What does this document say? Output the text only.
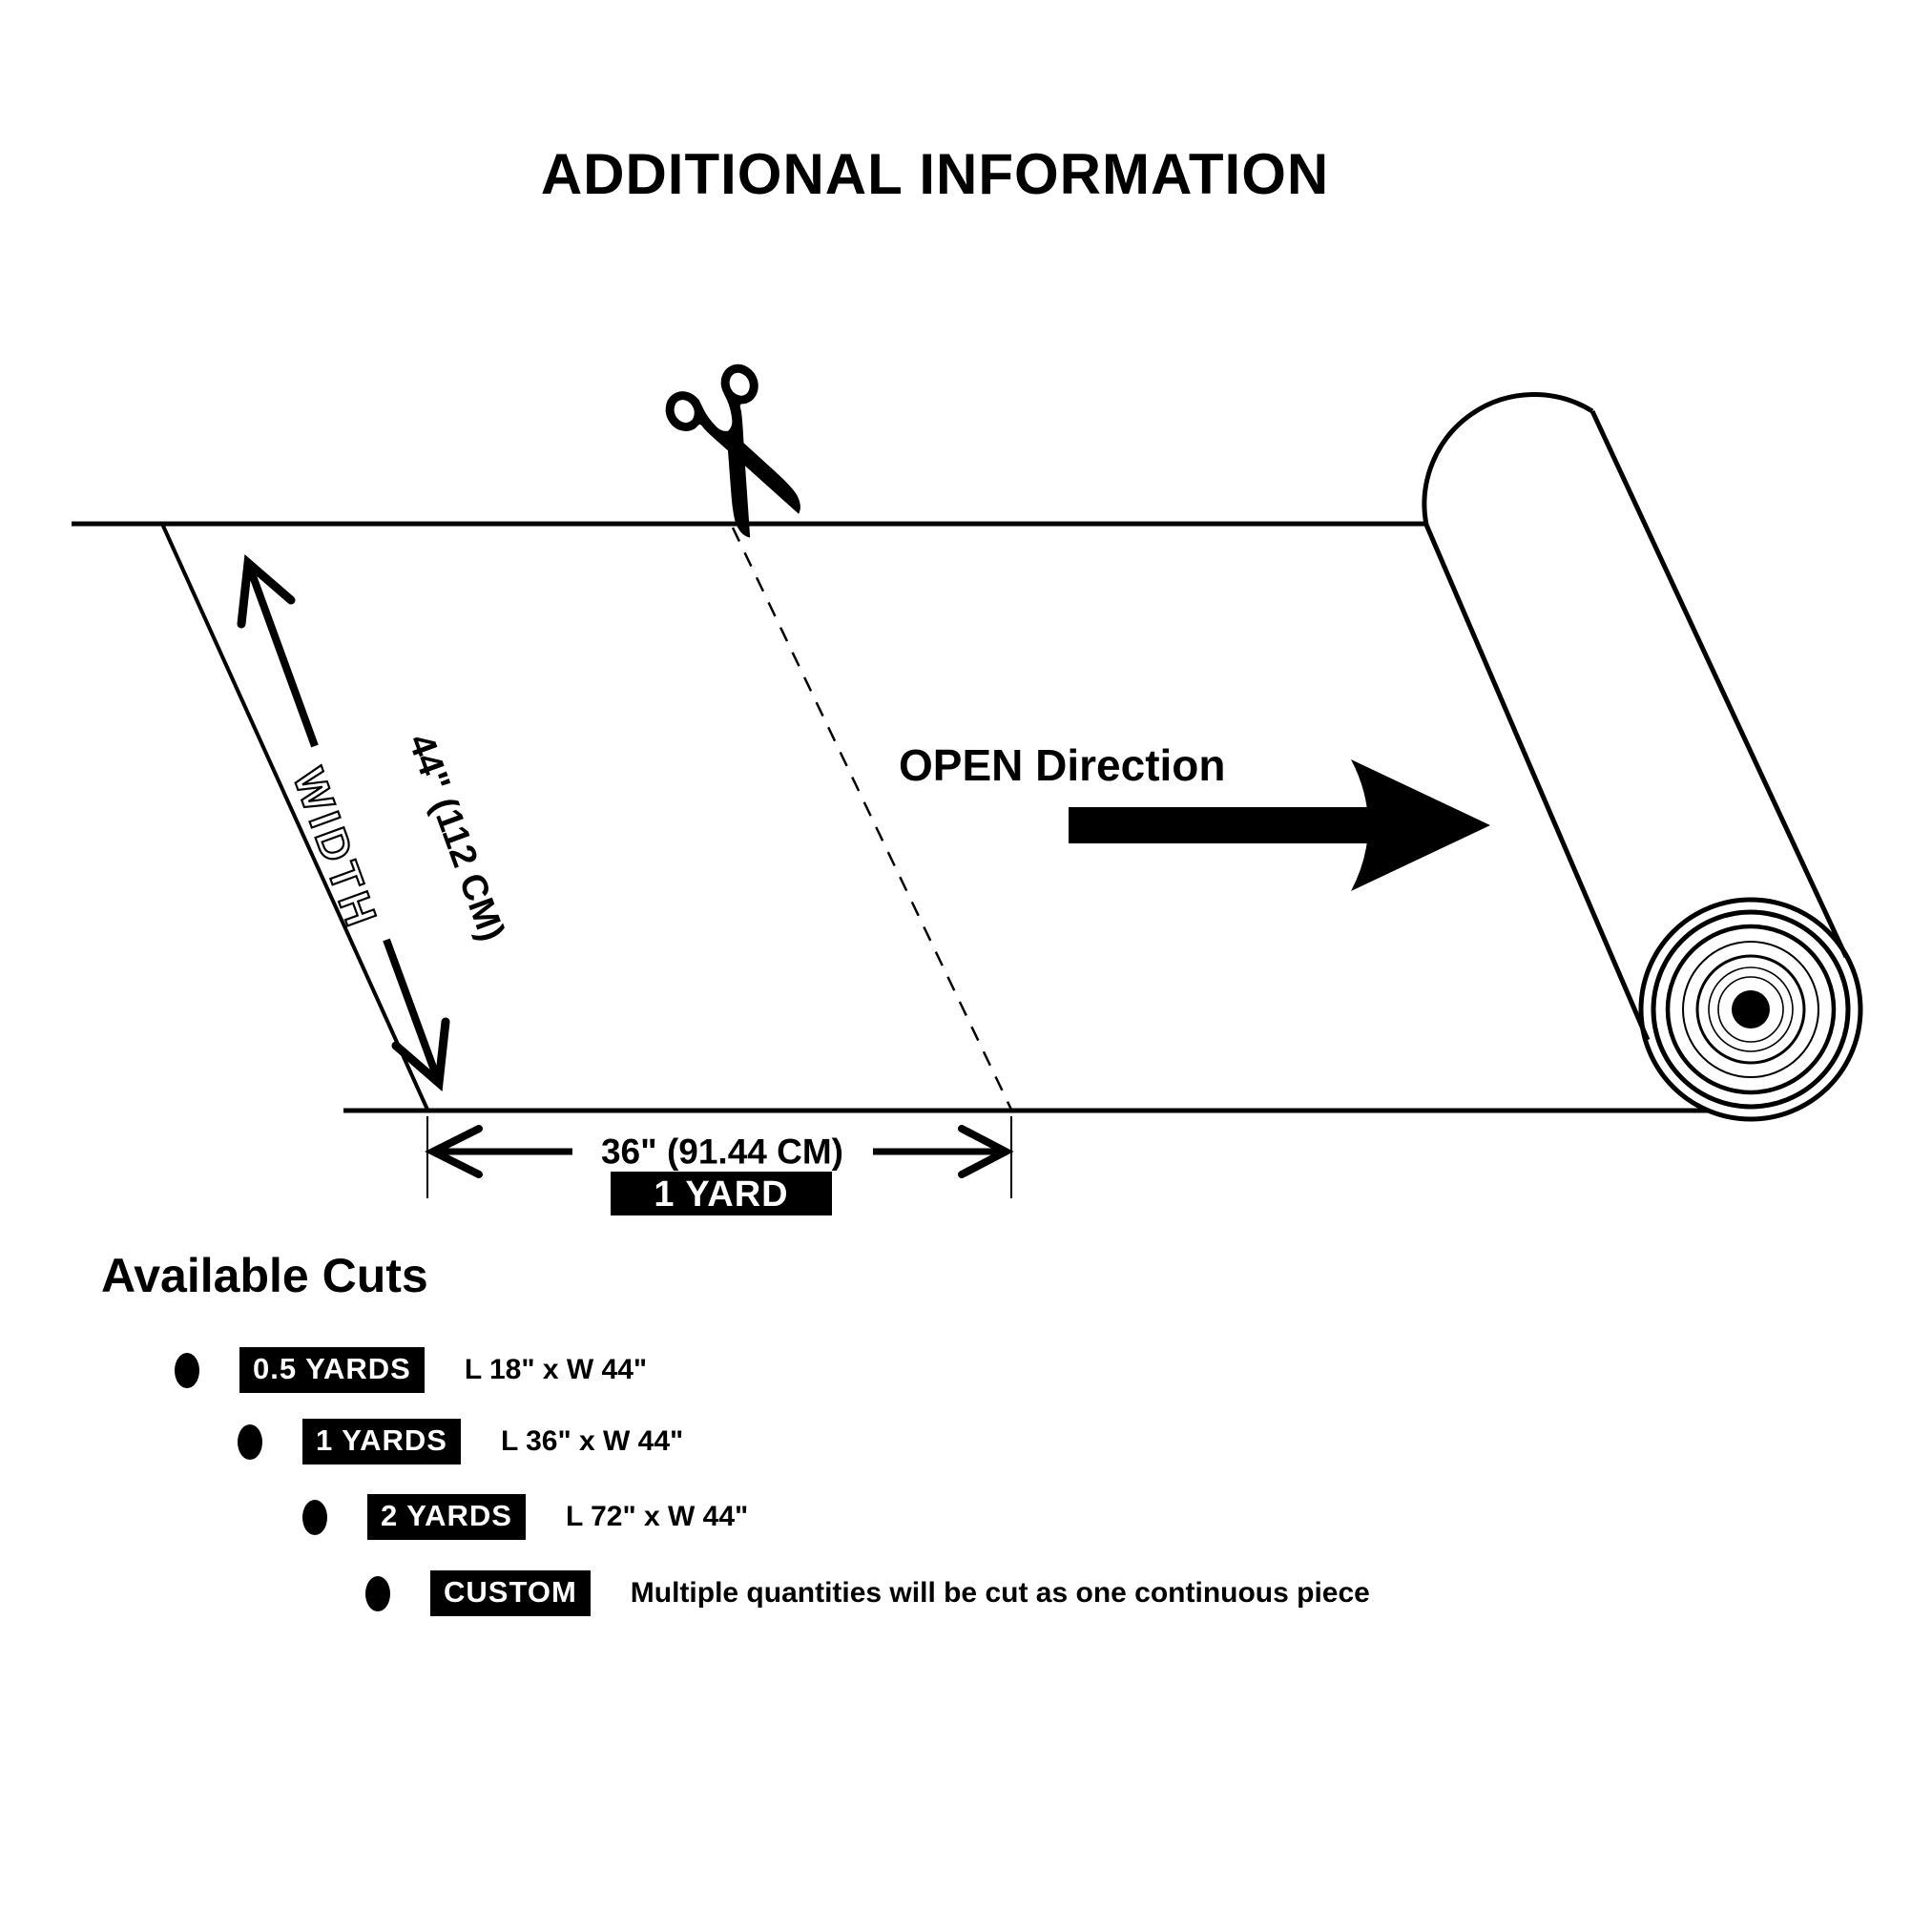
ADDITIONAL INFORMATION
✂
44" (112 CM)
WIDTH	OPEN Direction
36" (91.44 CM)
1 YARD
Available Cuts
0.5 YARDS	L 18" x W 44"
1 YARDS	L 36" x W 44"
2 YARDS	L 72" x W 44"
CUSTOM	Multiple quantities will be cut as one continuous piece
